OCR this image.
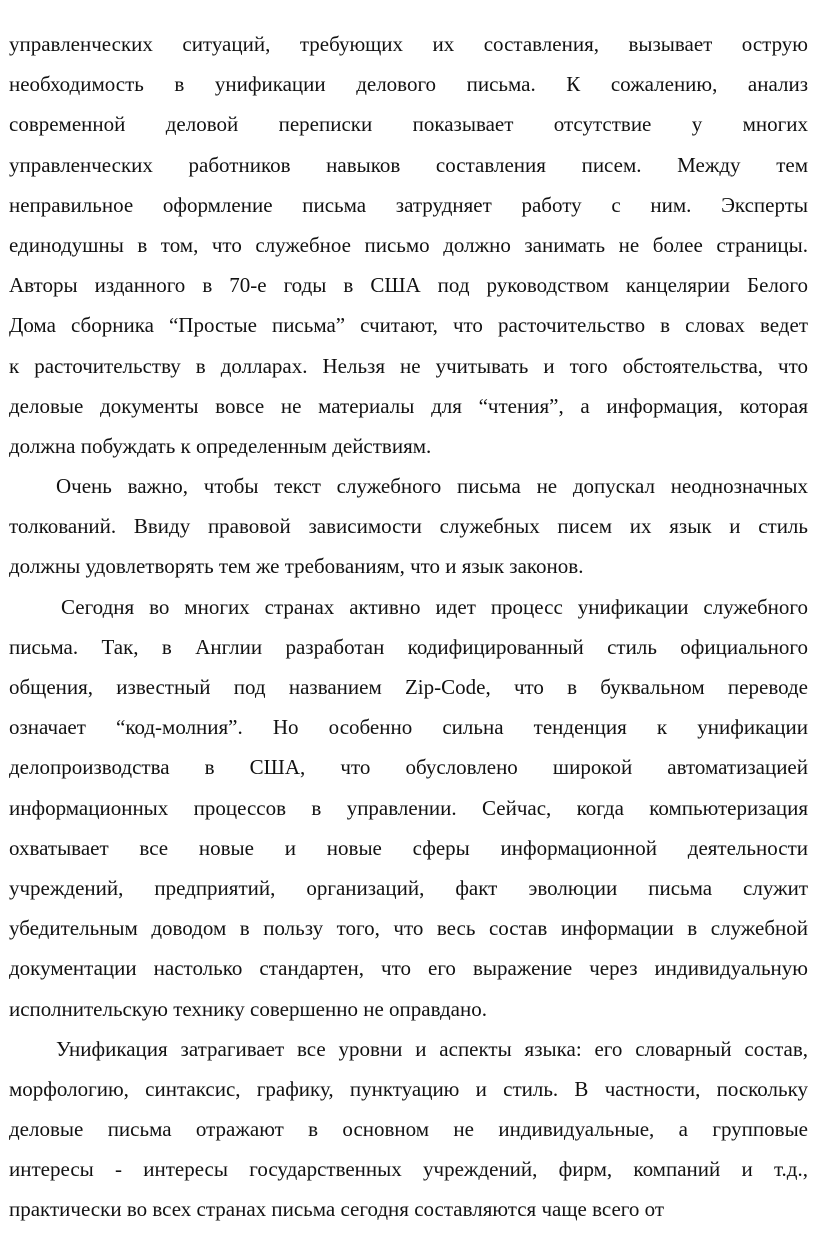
управленческих ситуаций, требующих их составления, вызывает острую
необходимость в унификации делового письма. К сожалению, анализ
современной деловой переписки показывает отсутствие у многих
управленческих работников навыков составления писем. Между тем
неправильное оформление письма затрудняет работу с ним. Эксперты
единодушны в том, что служебное письмо должно занимать не более страницы.
Авторы изданного в 70-е годы в США под руководством канцелярии Белого
Дома сборника “Простые письма” считают, что расточительство в словах ведет
к расточительству в долларах. Нельзя не учитывать и того обстоятельства, что
деловые документы вовсе не материалы для “чтения”, а информация, которая
должна побуждать к определенным действиям.
Очень важно, чтобы текст служебного письма не допускал неоднозначных
толкований. Ввиду правовой зависимости служебных писем их язык и стиль
должны удовлетворять тем же требованиям, что и язык законов.
Сегодня во многих странах активно идет процесс унификации служебного
письма. Так, в Англии разработан кодифицированный стиль официального
общения, известный под названием Zip-Code, что в буквальном переводе
означает “код-молния”. Но особенно сильна тенденция к унификации
делопроизводства в США, что обусловлено широкой автоматизацией
информационных процессов в управлении. Сейчас, когда компьютеризация
охватывает все новые и новые сферы информационной деятельности
учреждений, предприятий, организаций, факт эволюции письма служит
убедительным доводом в пользу того, что весь состав информации в служебной
документации настолько стандартен, что его выражение через индивидуальную
исполнительскую технику совершенно не оправдано.
Унификация затрагивает все уровни и аспекты языка: его словарный состав,
морфологию, синтаксис, графику, пунктуацию и стиль. В частности, поскольку
деловые письма отражают в основном не индивидуальные, а групповые
интересы - интересы государственных учреждений, фирм, компаний и т.д.,
практически во всех странах письма сегодня составляются чаще всего от
